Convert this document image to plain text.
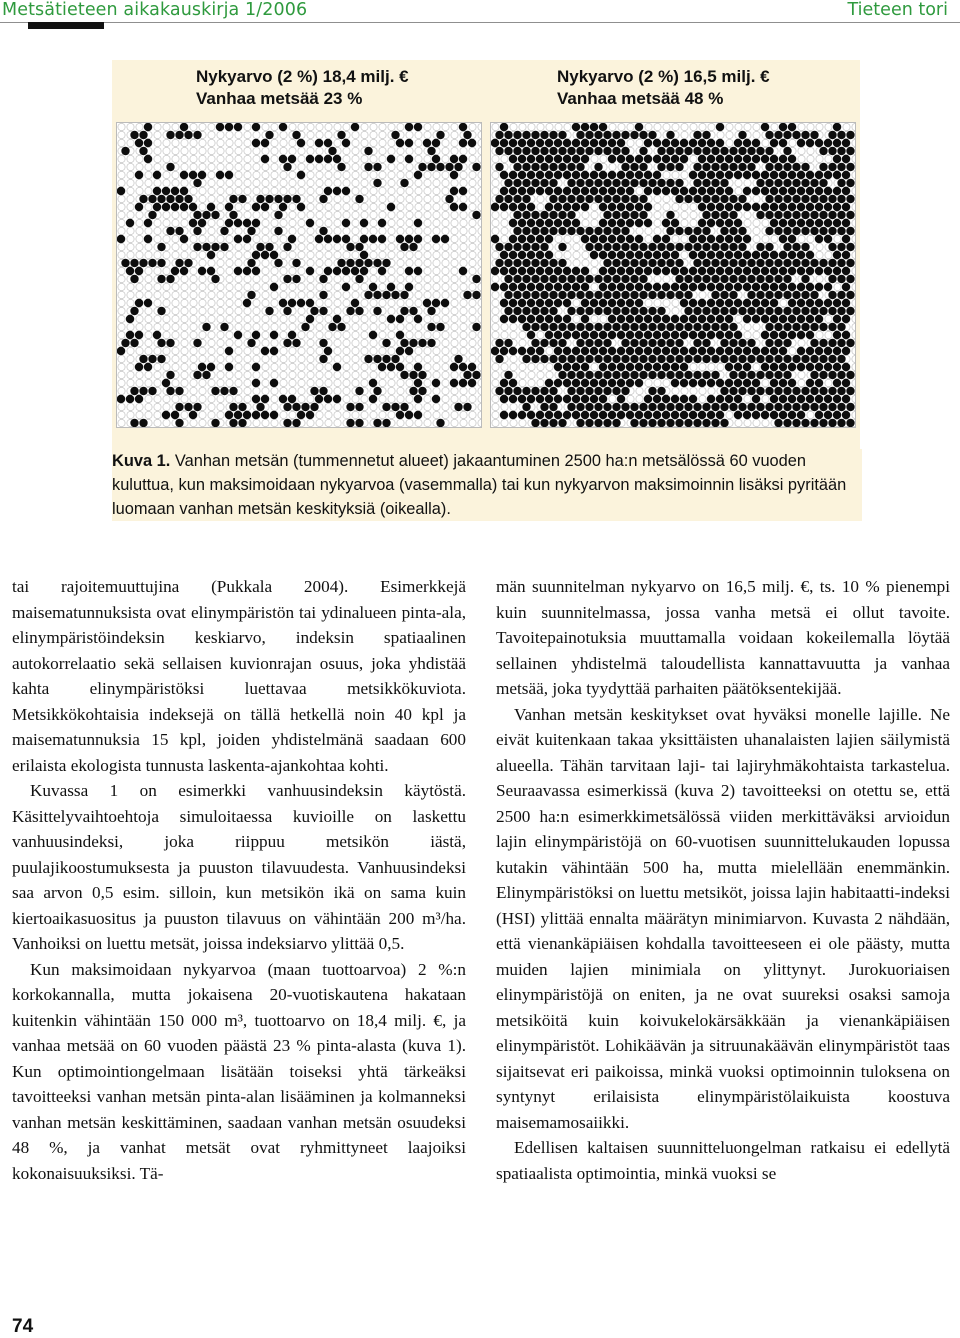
Metsätieteen aikakauskirja 1/2006	Tieteen tori
Nykyarvo (2 %) 18,4 milj. €
Vanhaa metsää 23 %
Nykyarvo (2 %) 16,5 milj. €
Vanhaa metsää 48 %
Kuva 1. Vanhan metsän (tummennetut alueet) jakaantuminen 2500 ha:n metsälössä 60 vuoden kuluttua, kun maksimoidaan nykyarvoa (vasemmalla) tai kun nykyarvon maksimoinnin lisäksi pyritään luomaan vanhan metsän keskityksiä (oikealla).

tai rajoitemuuttujina (Pukkala 2004). Esimerkkejä maisematunnuksista ovat elinympäristön tai ydinalueen pinta-ala, elinympäristöindeksin keskiarvo, indeksin spatiaalinen autokorrelaatio sekä sellaisen kuvionrajan osuus, joka yhdistää kahta elinympäristöksi luettavaa metsikkökuviota. Metsikkökohtaisia indeksejä on tällä hetkellä noin 40 kpl ja maisematunnuksia 15 kpl, joiden yhdistelmänä saadaan 600 erilaista ekologista tunnusta laskenta-ajankohtaa kohti.

Kuvassa 1 on esimerkki vanhuusindeksin käytöstä. Käsittelyvaihtoehtoja simuloitaessa kuvioille on laskettu vanhuusindeksi, joka riippuu metsikön iästä, puulajikoostumuksesta ja puuston tilavuudesta. Vanhuusindeksi saa arvon 0,5 esim. silloin, kun metsikön ikä on sama kuin kiertoaikasuositus ja puuston tilavuus on vähintään 200 m³/ha. Vanhoiksi on luettu metsät, joissa indeksiarvo ylittää 0,5.

Kun maksimoidaan nykyarvoa (maan tuottoarvoa) 2 %:n korkokannalla, mutta jokaisena 20-vuotiskautena hakataan kuitenkin vähintään 150 000 m³, tuottoarvo on 18,4 milj. €, ja vanhaa metsää on 60 vuoden päästä 23 % pinta-alasta (kuva 1). Kun optimointiongelmaan lisätään toiseksi yhtä tärkeäksi tavoitteeksi vanhan metsän pinta-alan lisääminen ja kolmanneksi vanhan metsän keskittäminen, saadaan vanhan metsän osuudeksi 48 %, ja vanhat metsät ovat ryhmittyneet laajoiksi kokonaisuuksiksi. Tä-

män suunnitelman nykyarvo on 16,5 milj. €, ts. 10 % pienempi kuin suunnitelmassa, jossa vanha metsä ei ollut tavoite. Tavoitepainotuksia muuttamalla voidaan kokeilemalla löytää sellainen yhdistelmä taloudellista kannattavuutta ja vanhaa metsää, joka tyydyttää parhaiten päätöksentekijää.

Vanhan metsän keskitykset ovat hyväksi monelle lajille. Ne eivät kuitenkaan takaa yksittäisten uhanalaisten lajien säilymistä alueella. Tähän tarvitaan laji- tai lajiryhmäkohtaista tarkastelua. Seuraavassa esimerkissä (kuva 2) tavoitteeksi on otettu se, että 2500 ha:n esimerkkimetsälössä viiden merkittäväksi arvioidun lajin elinympäristöjä on 60-vuotisen suunnittelukauden lopussa kutakin vähintään 500 ha, mutta mielellään enemmänkin. Elinympäristöksi on luettu metsiköt, joissa lajin habitaatti-indeksi (HSI) ylittää ennalta määrätyn minimiarvon. Kuvasta 2 nähdään, että vienankäpiäisen kohdalla tavoitteeseen ei ole päästy, mutta muiden lajien minimiala on ylittynyt. Jurokuoriaisen elinympäristöjä on eniten, ja ne ovat suureksi osaksi samoja metsiköitä kuin koivukelokärsäkkään ja vienankäpiäisen elinympäristöt. Lohikäävän ja sitruunakäävän elinympäristöt taas sijaitsevat eri paikoissa, minkä vuoksi optimoinnin tuloksena on syntynyt erilaisista elinympäristölaikuista koostuva maisemamosaiikki.

Edellisen kaltaisen suunnitteluongelman ratkaisu ei edellytä spatiaalista optimointia, minkä vuoksi se

74
